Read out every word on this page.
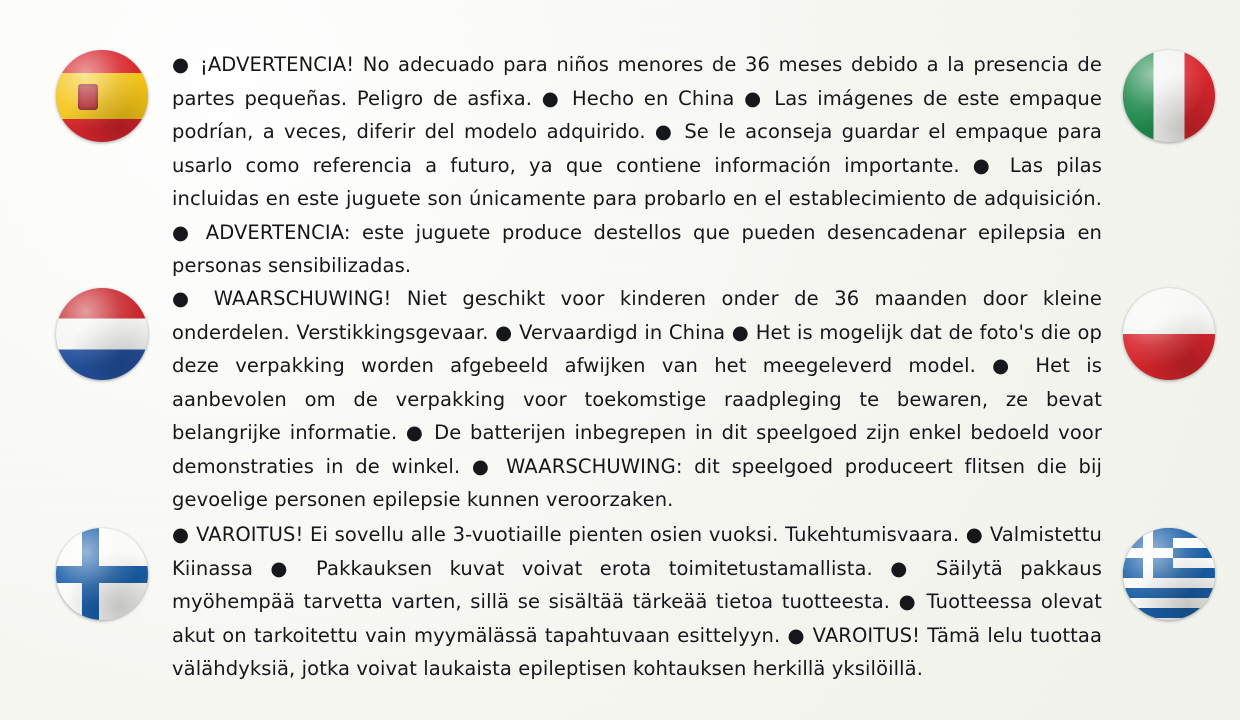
● ¡ADVERTENCIA! No adecuado para niños menores de 36 meses debido a la presencia de partes pequeñas. Peligro de asfixa. ● Hecho en China ● Las imágenes de este empaque podrían, a veces, diferir del modelo adquirido. ● Se le aconseja guardar el empaque para usarlo como referencia a futuro, ya que contiene información importante. ● Las pilas incluidas en este juguete son únicamente para probarlo en el establecimiento de adquisición. ● ADVERTENCIA: este juguete produce destellos que pueden desencadenar epilepsia en personas sensibilizadas.

● WAARSCHUWING! Niet geschikt voor kinderen onder de 36 maanden door kleine onderdelen. Verstikkingsgevaar. ● Vervaardigd in China ● Het is mogelijk dat de foto's die op deze verpakking worden afgebeeld afwijken van het meegeleverd model. ● Het is aanbevolen om de verpakking voor toekomstige raadpleging te bewaren, ze bevat belangrijke informatie. ● De batterijen inbegrepen in dit speelgoed zijn enkel bedoeld voor demonstraties in de winkel. ● WAARSCHUWING: dit speelgoed produceert flitsen die bij gevoelige personen epilepsie kunnen veroorzaken.

● VAROITUS! Ei sovellu alle 3-vuotiaille pienten osien vuoksi. Tukehtumisvaara. ● Valmistettu Kiinassa ● Pakkauksen kuvat voivat erota toimitetustamallista. ● Säilytä pakkaus myöhempää tarvetta varten, sillä se sisältää tärkeää tietoa tuotteesta. ● Tuotteessa olevat akut on tarkoitettu vain myymälässä tapahtuvaan esittelyyn. ● VAROITUS! Tämä lelu tuottaa välähdyksiä, jotka voivat laukaista epileptisen kohtauksen herkillä yksilöillä.
